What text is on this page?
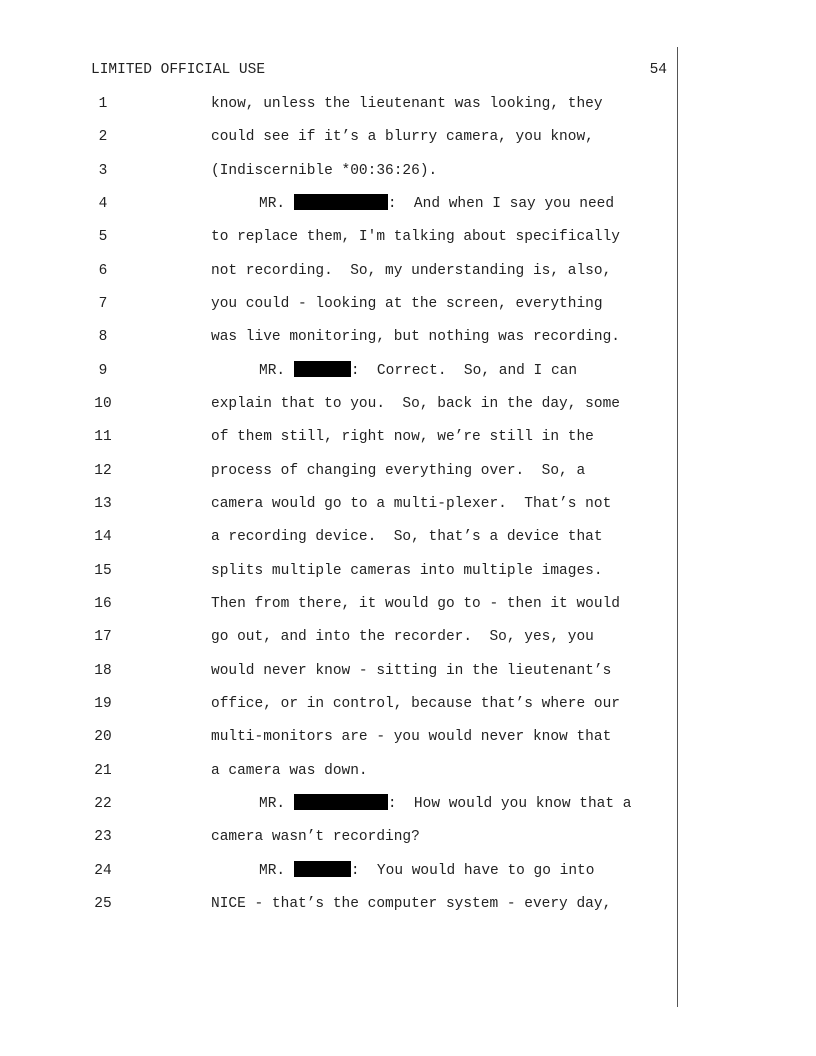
LIMITED OFFICIAL USE	54
1	know, unless the lieutenant was looking, they
2	could see if it’s a blurry camera, you know,
3	(Indiscernible *00:36:26).
4	MR.	:  And when I say you need
5	to replace them, I'm talking about specifically
6	not recording.  So, my understanding is, also,
7	you could - looking at the screen, everything
8	was live monitoring, but nothing was recording.
9	MR.	:  Correct.  So, and I can
10	explain that to you.  So, back in the day, some
11	of them still, right now, we’re still in the
12	process of changing everything over.  So, a
13	camera would go to a multi-plexer.  That’s not
14	a recording device.  So, that’s a device that
15	splits multiple cameras into multiple images.
16	Then from there, it would go to - then it would
17	go out, and into the recorder.  So, yes, you
18	would never know - sitting in the lieutenant’s
19	office, or in control, because that’s where our
20	multi-monitors are - you would never know that
21	a camera was down.
22	MR.	:  How would you know that a
23	camera wasn’t recording?
24	MR.	:  You would have to go into
25	NICE - that’s the computer system - every day,
